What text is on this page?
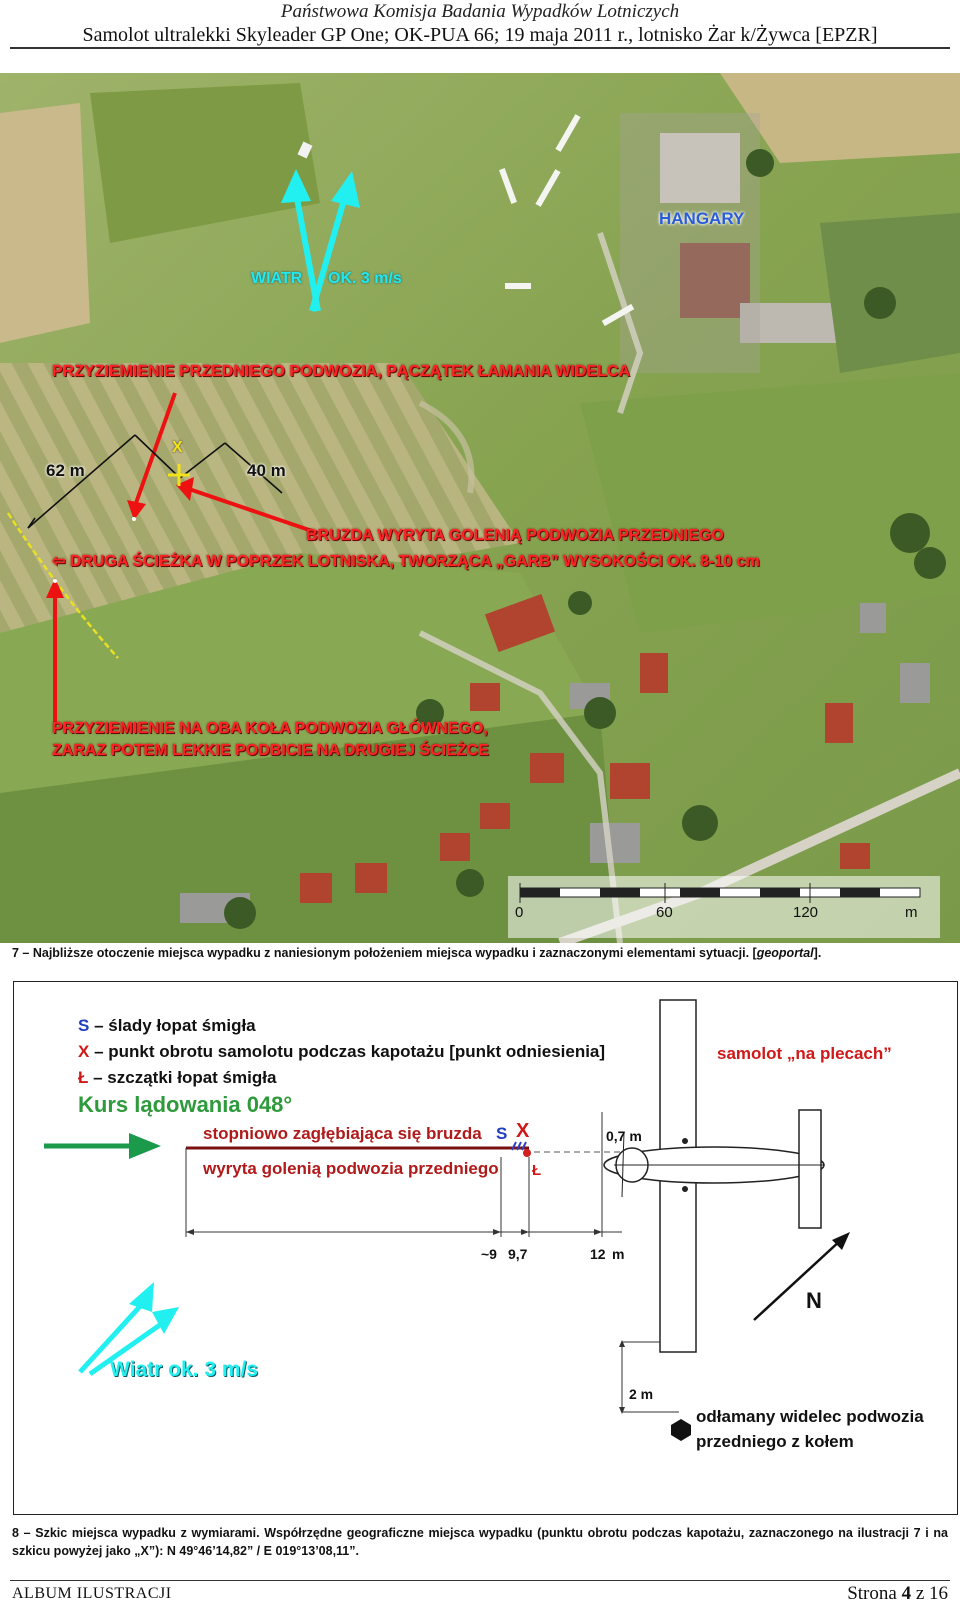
Państwowa Komisja Badania Wypadków Lotniczych
Samolot ultralekki Skyleader GP One; OK-PUA 66; 19 maja 2011 r., lotnisko Żar k/Żywca [EPZR]
HANGARY
WIATR OK. 3 m/s
PRZYZIEMIENIE PRZEDNIEGO PODWOZIA, PĄCZĄTEK ŁAMANIA WIDELCA
X
62 m	40 m
BRUZDA WYRYTA GOLENIĄ PODWOZIA PRZEDNIEGO
⇦ DRUGA ŚCIEŻKA W POPRZEK LOTNISKA, TWORZĄCA „GARB” WYSOKOŚCI OK. 8-10 cm
PRZYZIEMIENIE NA OBA KOŁA PODWOZIA GŁÓWNEGO,
ZARAZ POTEM LEKKIE PODBICIE NA DRUGIEJ ŚCIEŻCE
0	60	120	m
7 – Najbliższe otoczenie miejsca wypadku z naniesionym położeniem miejsca wypadku i zaznaczonymi elementami sytuacji. [geoportal].
S – ślady łopat śmigła
X – punkt obrotu samolotu podczas kapotażu [punkt odniesienia]
Ł – szczątki łopat śmigła
Kurs lądowania 048°
samolot „na plecach”
stopniowo zagłębiająca się bruzda
wyryta golenią podwozia przedniego
S X
Ł
0,7 m
~9 9,7	12 m
N
Wiatr ok. 3 m/s
2 m
odłamany widelec podwozia
przedniego z kołem
8 – Szkic miejsca wypadku z wymiarami. Współrzędne geograficzne miejsca wypadku (punktu obrotu podczas kapotażu, zaznaczonego na ilustracji 7 i na szkicu powyżej jako „X”): N 49°46’14,82” / E 019°13’08,11”.
ALBUM ILUSTRACJI	Strona 4 z 16
